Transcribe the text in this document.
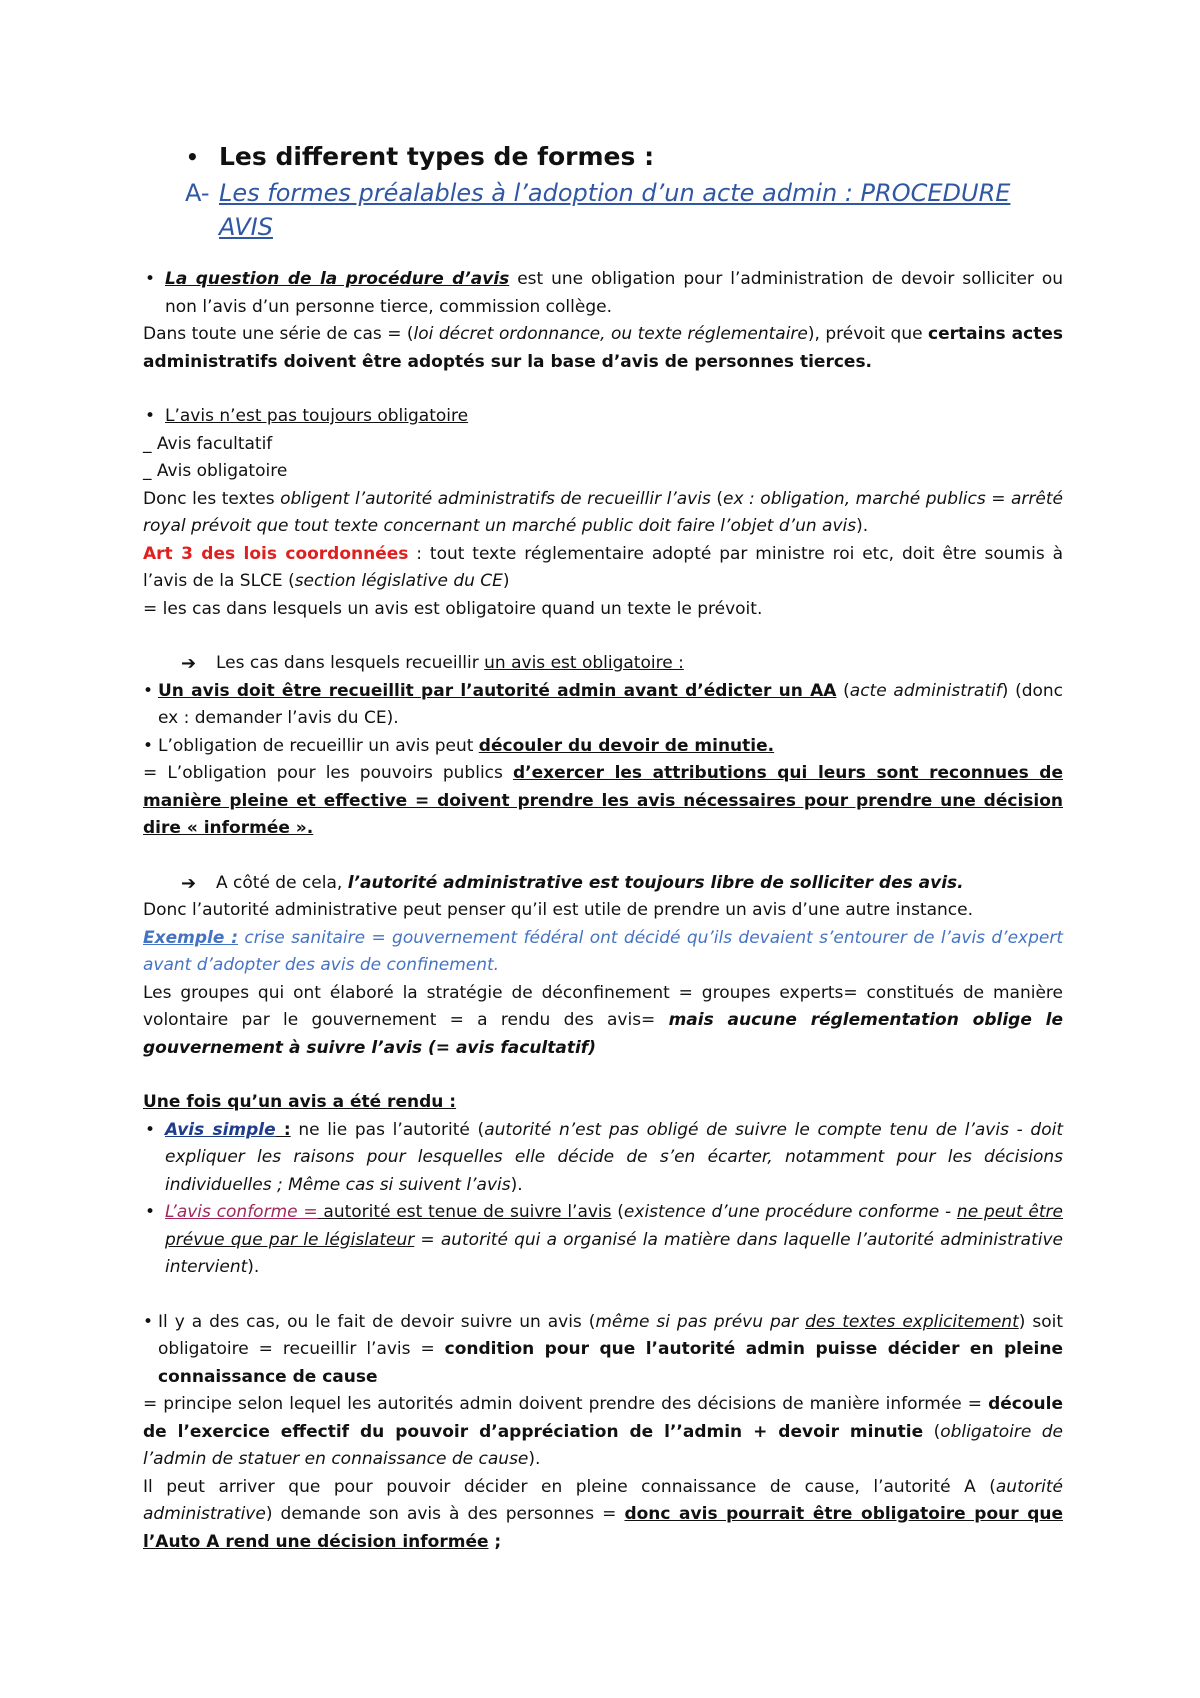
• Les different types de formes :
A- Les formes préalables à l’adoption d’un acte admin : PROCEDURE AVIS
• La question de la procédure d’avis est une obligation pour l’administration de devoir solliciter ou non l’avis d’un personne tierce, commission collège.
Dans toute une série de cas = (loi décret ordonnance, ou texte réglementaire), prévoit que certains actes administratifs doivent être adoptés sur la base d’avis de personnes tierces.
• L’avis n’est pas toujours obligatoire
_ Avis facultatif
_ Avis obligatoire
Donc les textes obligent l’autorité administratifs de recueillir l’avis (ex : obligation, marché publics = arrêté royal prévoit que tout texte concernant un marché public doit faire l’objet d’un avis).
Art 3 des lois coordonnées : tout texte réglementaire adopté par ministre roi etc, doit être soumis à l’avis de la SLCE (section législative du CE)
= les cas dans lesquels un avis est obligatoire quand un texte le prévoit.
➔ Les cas dans lesquels recueillir un avis est obligatoire :
• Un avis doit être recueillit par l’autorité admin avant d’édicter un AA (acte administratif) (donc ex : demander l’avis du CE).
• L’obligation de recueillir un avis peut découler du devoir de minutie.
= L’obligation pour les pouvoirs publics d’exercer les attributions qui leurs sont reconnues de manière pleine et effective = doivent prendre les avis nécessaires pour prendre une décision dire « informée ».
➔ A côté de cela, l’autorité administrative est toujours libre de solliciter des avis.
Donc l’autorité administrative peut penser qu’il est utile de prendre un avis d’une autre instance.
Exemple : crise sanitaire = gouvernement fédéral ont décidé qu’ils devaient s’entourer de l’avis d’expert avant d’adopter des avis de confinement.
Les groupes qui ont élaboré la stratégie de déconfinement = groupes experts= constitués de manière volontaire par le gouvernement = a rendu des avis= mais aucune réglementation oblige le gouvernement à suivre l’avis (= avis facultatif)
Une fois qu’un avis a été rendu :
• Avis simple : ne lie pas l’autorité (autorité n’est pas obligé de suivre le compte tenu de l’avis - doit expliquer les raisons pour lesquelles elle décide de s’en écarter, notamment pour les décisions individuelles ; Même cas si suivent l’avis).
• L’avis conforme = autorité est tenue de suivre l’avis (existence d’une procédure conforme - ne peut être prévue que par le législateur = autorité qui a organisé la matière dans laquelle l’autorité administrative intervient).
• Il y a des cas, ou le fait de devoir suivre un avis (même si pas prévu par des textes explicitement) soit obligatoire = recueillir l’avis = condition pour que l’autorité admin puisse décider en pleine connaissance de cause
= principe selon lequel les autorités admin doivent prendre des décisions de manière informée = découle de l’exercice effectif du pouvoir d’appréciation de l’’admin + devoir minutie (obligatoire de l’admin de statuer en connaissance de cause).
Il peut arriver que pour pouvoir décider en pleine connaissance de cause, l’autorité A (autorité administrative) demande son avis à des personnes = donc avis pourrait être obligatoire pour que l’Auto A rend une décision informée ;
